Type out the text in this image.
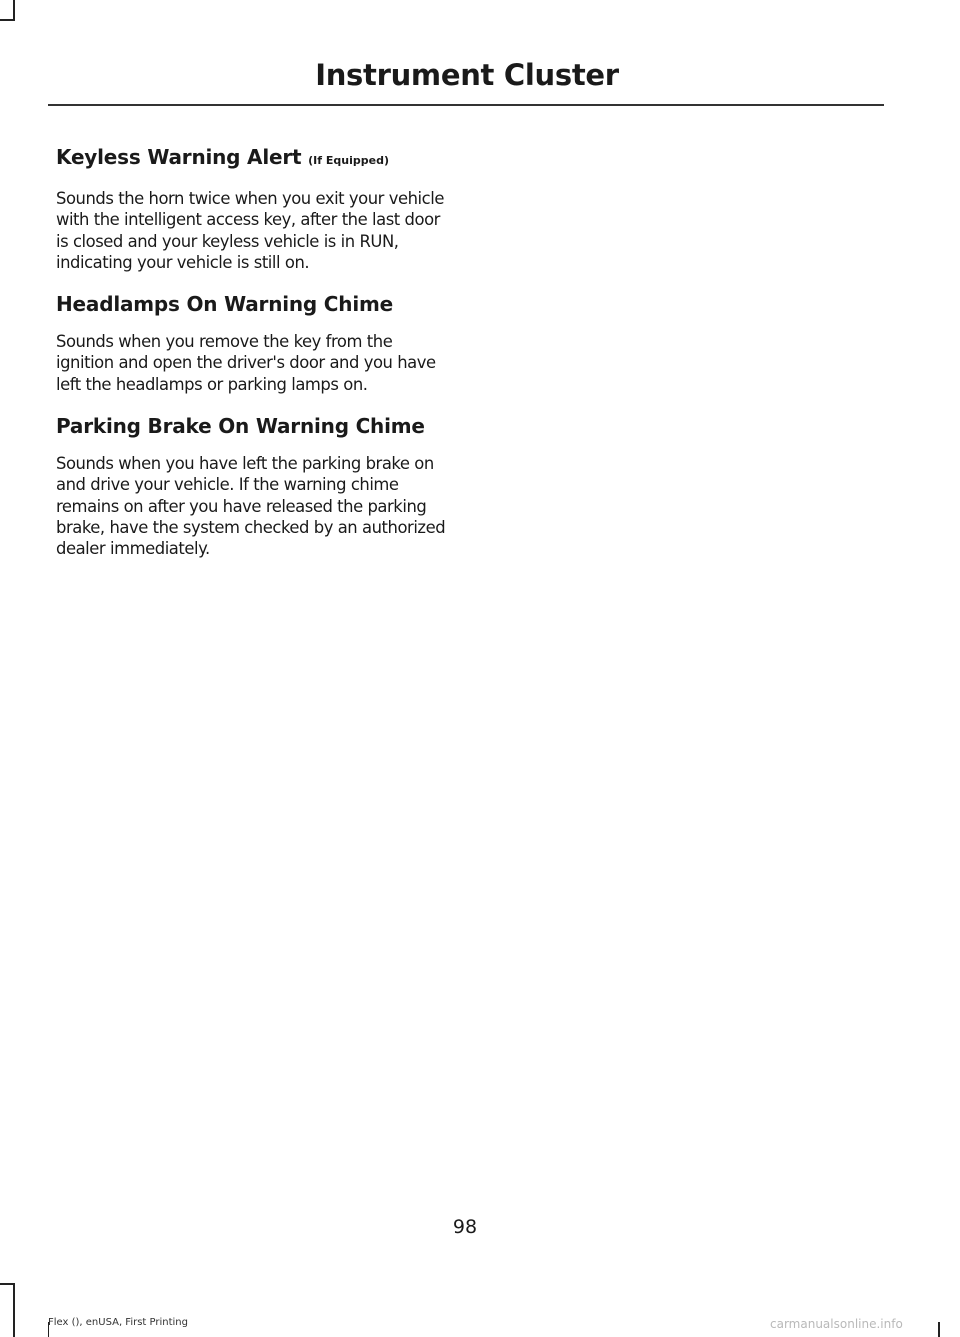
Instrument Cluster
Keyless Warning Alert (If Equipped)

Sounds the horn twice when you exit your vehicle with the intelligent access key, after the last door is closed and your keyless vehicle is in RUN, indicating your vehicle is still on.

Headlamps On Warning Chime

Sounds when you remove the key from the ignition and open the driver's door and you have left the headlamps or parking lamps on.

Parking Brake On Warning Chime

Sounds when you have left the parking brake on and drive your vehicle. If the warning chime remains on after you have released the parking brake, have the system checked by an authorized dealer immediately.

98
Flex (), enUSA, First Printing	carmanualsonline.info
